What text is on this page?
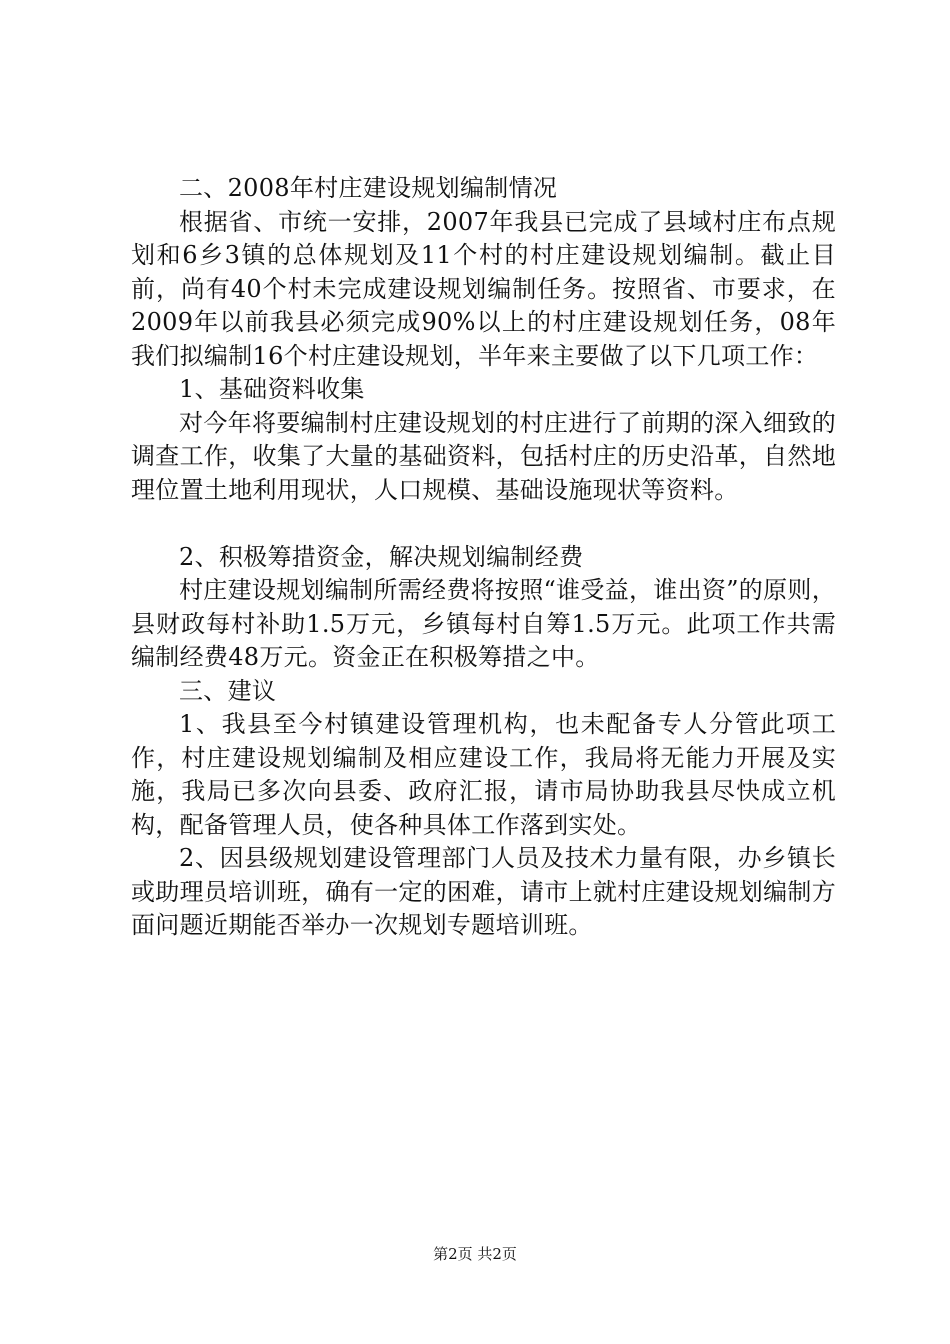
二、2008年村庄建设规划编制情况

根据省、市统一安排，2007年我县已完成了县域村庄布点规划和6乡3镇的总体规划及11个村的村庄建设规划编制。截止目前，尚有40个村未完成建设规划编制任务。按照省、市要求，在2009年以前我县必须完成90%以上的村庄建设规划任务，08年我们拟编制16个村庄建设规划，半年来主要做了以下几项工作：

1、基础资料收集

对今年将要编制村庄建设规划的村庄进行了前期的深入细致的调查工作，收集了大量的基础资料，包括村庄的历史沿革，自然地理位置土地利用现状，人口规模、基础设施现状等资料。

2、积极筹措资金，解决规划编制经费

村庄建设规划编制所需经费将按照“谁受益，谁出资”的原则，县财政每村补助1.5万元，乡镇每村自筹1.5万元。此项工作共需编制经费48万元。资金正在积极筹措之中。

三、建议

1、我县至今村镇建设管理机构，也未配备专人分管此项工作，村庄建设规划编制及相应建设工作，我局将无能力开展及实施，我局已多次向县委、政府汇报，请市局协助我县尽快成立机构，配备管理人员，使各种具体工作落到实处。

2、因县级规划建设管理部门人员及技术力量有限，办乡镇长或助理员培训班，确有一定的困难，请市上就村庄建设规划编制方面问题近期能否举办一次规划专题培训班。

第2页 共2页
